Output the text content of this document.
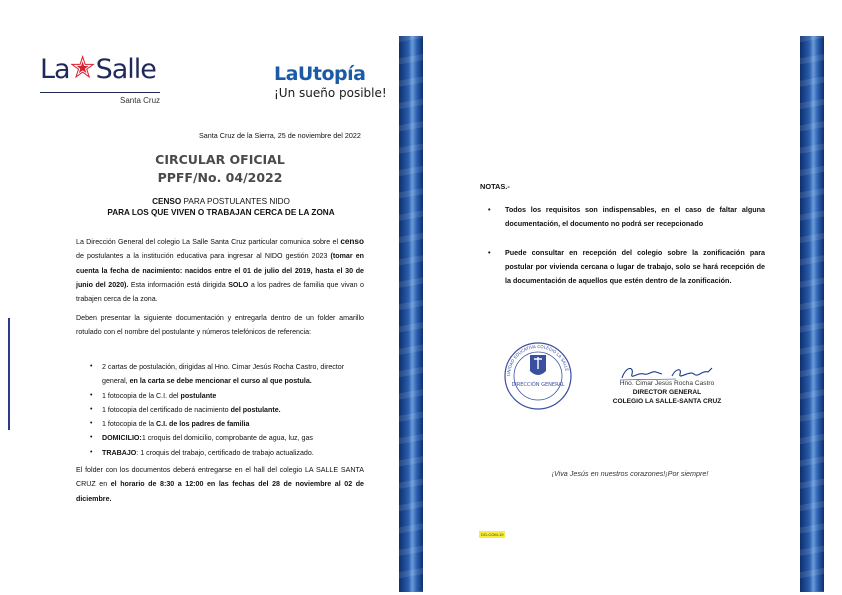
La✭Salle
Santa Cruz
LaUtopía
¡Un sueño posible!
Santa Cruz de la Sierra, 25 de noviembre del 2022
CIRCULAR OFICIAL
PPFF/No. 04/2022
CENSO PARA POSTULANTES NIDO
PARA LOS QUE VIVEN O TRABAJAN CERCA DE LA ZONA
La Dirección General del colegio La Salle Santa Cruz particular comunica sobre el censo de postulantes a la institución educativa para ingresar al NIDO gestión 2023 (tomar en cuenta la fecha de nacimiento: nacidos entre el 01 de julio del 2019, hasta el 30 de junio del 2020). Esta información está dirigida SOLO a los padres de familia que vivan o trabajen cerca de la zona.
Deben presentar la siguiente documentación y entregarla dentro de un folder amarillo rotulado con el nombre del postulante y números telefónicos de referencia:
• 2 cartas de postulación, dirigidas al Hno. Cimar Jesús Rocha Castro, director general, en la carta se debe mencionar el curso al que postula.
• 1 fotocopia de la C.I. del postulante
• 1 fotocopia del certificado de nacimiento del postulante.
• 1 fotocopia de la C.I. de los padres de familia
• DOMICILIO:1 croquis del domicilio, comprobante de agua, luz, gas
• TRABAJO: 1 croquis del trabajo, certificado de trabajo actualizado.
El folder con los documentos deberá entregarse en el hall del colegio LA SALLE SANTA CRUZ en el horario de 8:30 a 12:00 en las fechas del 28 de noviembre al 02 de diciembre.
NOTAS.-
• Todos los requisitos son indispensables, en el caso de faltar alguna documentación, el documento no podrá ser recepcionado
• Puede consultar en recepción del colegio sobre la zonificación para postular por vivienda cercana o lugar de trabajo, solo se hará recepción de la documentación de aquellos que estén dentro de la zonificación.
UNIDAD EDUCATIVA COLEGIO LA SALLE
DIRECCIÓN GENERAL	Hno. Cimar Jesús Rocha Castro
DIRECTOR GENERAL
COLEGIO LA SALLE-SANTA CRUZ
¡Viva Jesús en nuestros corazones!¡Por siempre!
DG-COM-19
